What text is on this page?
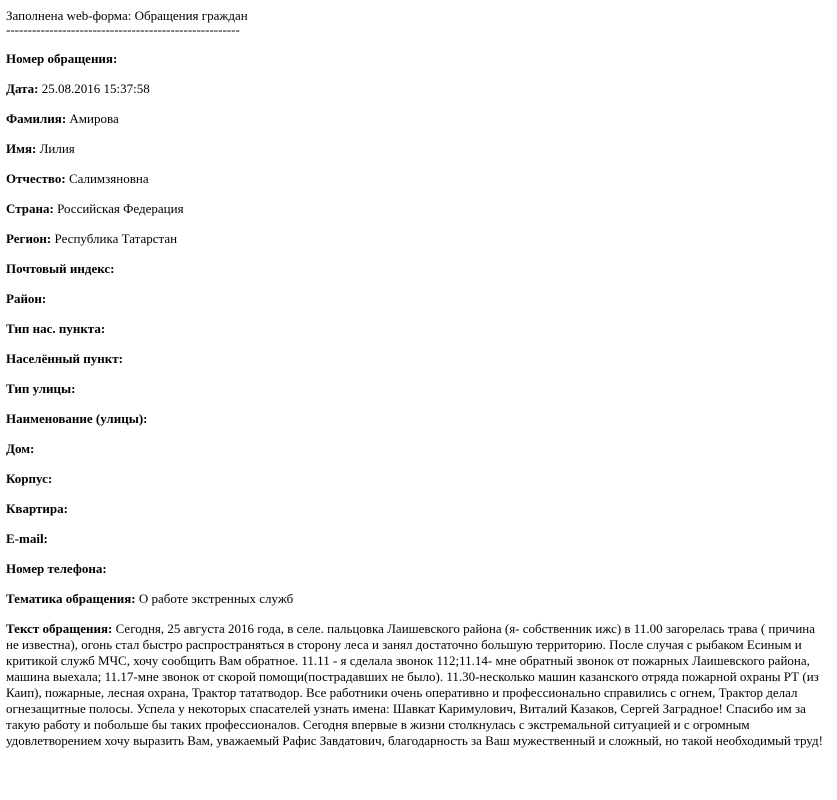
Заполнена web-форма: Обращения граждан
------------------------------------------------------
Номер обращения:
Дата: 25.08.2016 15:37:58
Фамилия: Амирова
Имя: Лилия
Отчество: Салимзяновна
Страна: Российская Федерация
Регион: Республика Татарстан
Почтовый индекс:
Район:
Тип нас. пункта:
Населённый пункт:
Тип улицы:
Наименование (улицы):
Дом:
Корпус:
Квартира:
E-mail:
Номер телефона:
Тематика обращения: О работе экстренных служб
Текст обращения: Сегодня, 25 августа 2016 года, в селе. пальцовка Лаишевского района (я- собственник ижс) в 11.00 загорелась трава ( причина не известна), огонь стал быстро распространяться в сторону леса и занял достаточно большую территорию. После случая с рыбаком Есиным и критикой служб МЧС, хочу сообщить Вам обратное. 11.11 - я сделала звонок 112;11.14- мне обратный звонок от пожарных Лаишевского района, машина выехала; 11.17-мне звонок от скорой помощи(пострадавших не было). 11.30-несколько машин казанского отряда пожарной охраны РТ (из Каип), пожарные, лесная охрана, Трактор тататводор. Все работники очень оперативно и профессионально справились с огнем, Трактор делал огнезащитные полосы. Успела у некоторых спасателей узнать имена: Шавкат Каримулович, Виталий Казаков, Сергей Заградное! Спасибо им за такую работу и побольше бы таких профессионалов. Сегодня впервые в жизни столкнулась с экстремальной ситуацией и с огромным удовлетворением хочу выразить Вам, уважаемый Рафис Завдатович, благодарность за Ваш мужественный и сложный, но такой необходимый труд!
